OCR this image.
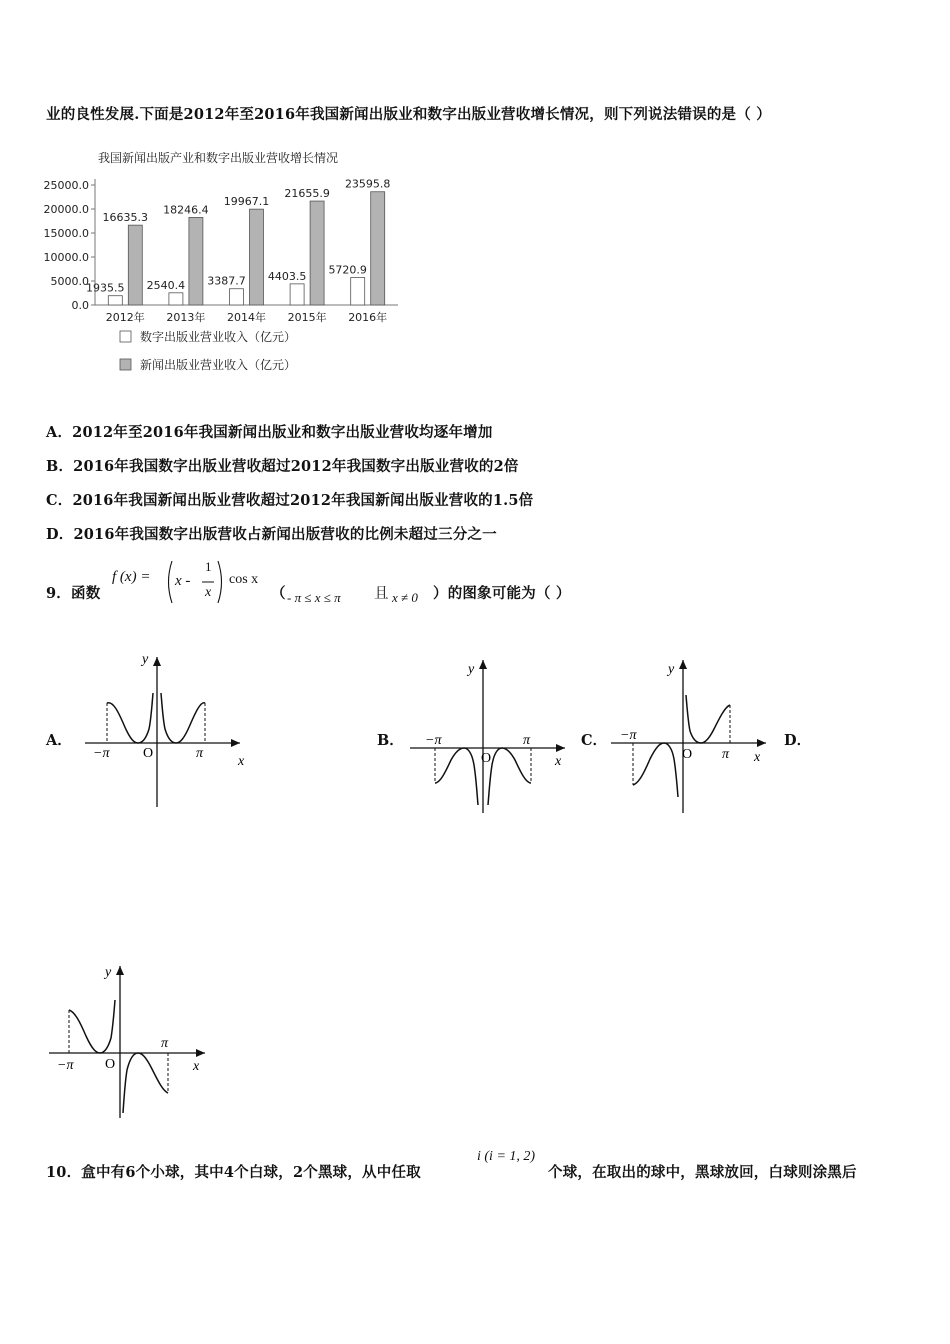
业的良性发展.下面是2012年至2016年我国新闻出版业和数字出版业营收增长情况，则下列说法错误的是（ ）
我国新闻出版产业和数字出版业营收增长情况
25000.0
20000.0
15000.0
10000.0
5000.0
0.0
1935.5
16635.3
2012年
2540.4
18246.4
2013年
3387.7
19967.1
2014年
4403.5
21655.9
2015年
5720.9
23595.8
2016年
数字出版业营业收入（亿元）
新闻出版业营业收入（亿元）
A．2012年至2016年我国新闻出版业和数字出版业营收均逐年增加
B．2016年我国数字出版业营收超过2012年我国数字出版业营收的2倍
C．2016年我国新闻出版业营收超过2012年我国新闻出版业营收的1.5倍
D．2016年我国数字出版营收占新闻出版营收的比例未超过三分之一
9．函数
f (x) = x -
1
x
cos x
（ - π ≤ x ≤ π 且 x ≠ 0 ）的图象可能为（ ）
A．	B．	C．	D．
y
x
O
−π	π
y
x
O
−π	π
y
x
O
−π
π
y
x
O
−π
π
10．盒中有6个小球，其中4个白球，2个黑球，从中任取
i (i = 1, 2)
个球，在取出的球中，黑球放回，白球则涂黑后
